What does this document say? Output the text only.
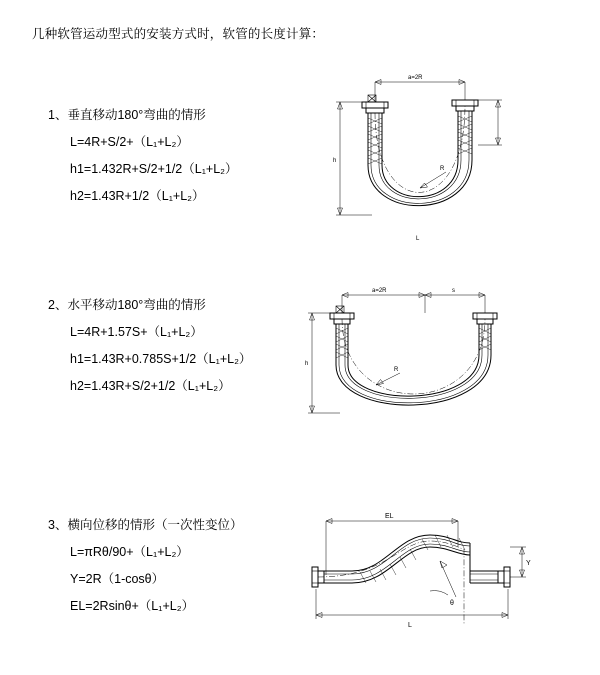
几种软管运动型式的安装方式时，软管的长度计算：
1、垂直移动180°弯曲的情形
L=4R+S/2+（L₁+L₂）
h1=1.432R+S/2+1/2（L₁+L₂）
h2=1.43R+1/2（L₁+L₂）
a=2R
h
R
L
2、水平移动180°弯曲的情形
L=4R+1.57S+（L₁+L₂）
h1=1.43R+0.785S+1/2（L₁+L₂）
h2=1.43R+S/2+1/2（L₁+L₂）
a=2R	s
h
R
3、横向位移的情形（一次性变位）
L=πRθ/90+（L₁+L₂）
Y=2R（1-cosθ）
EL=2Rsinθ+（L₁+L₂）
EL
Y
L
θ
